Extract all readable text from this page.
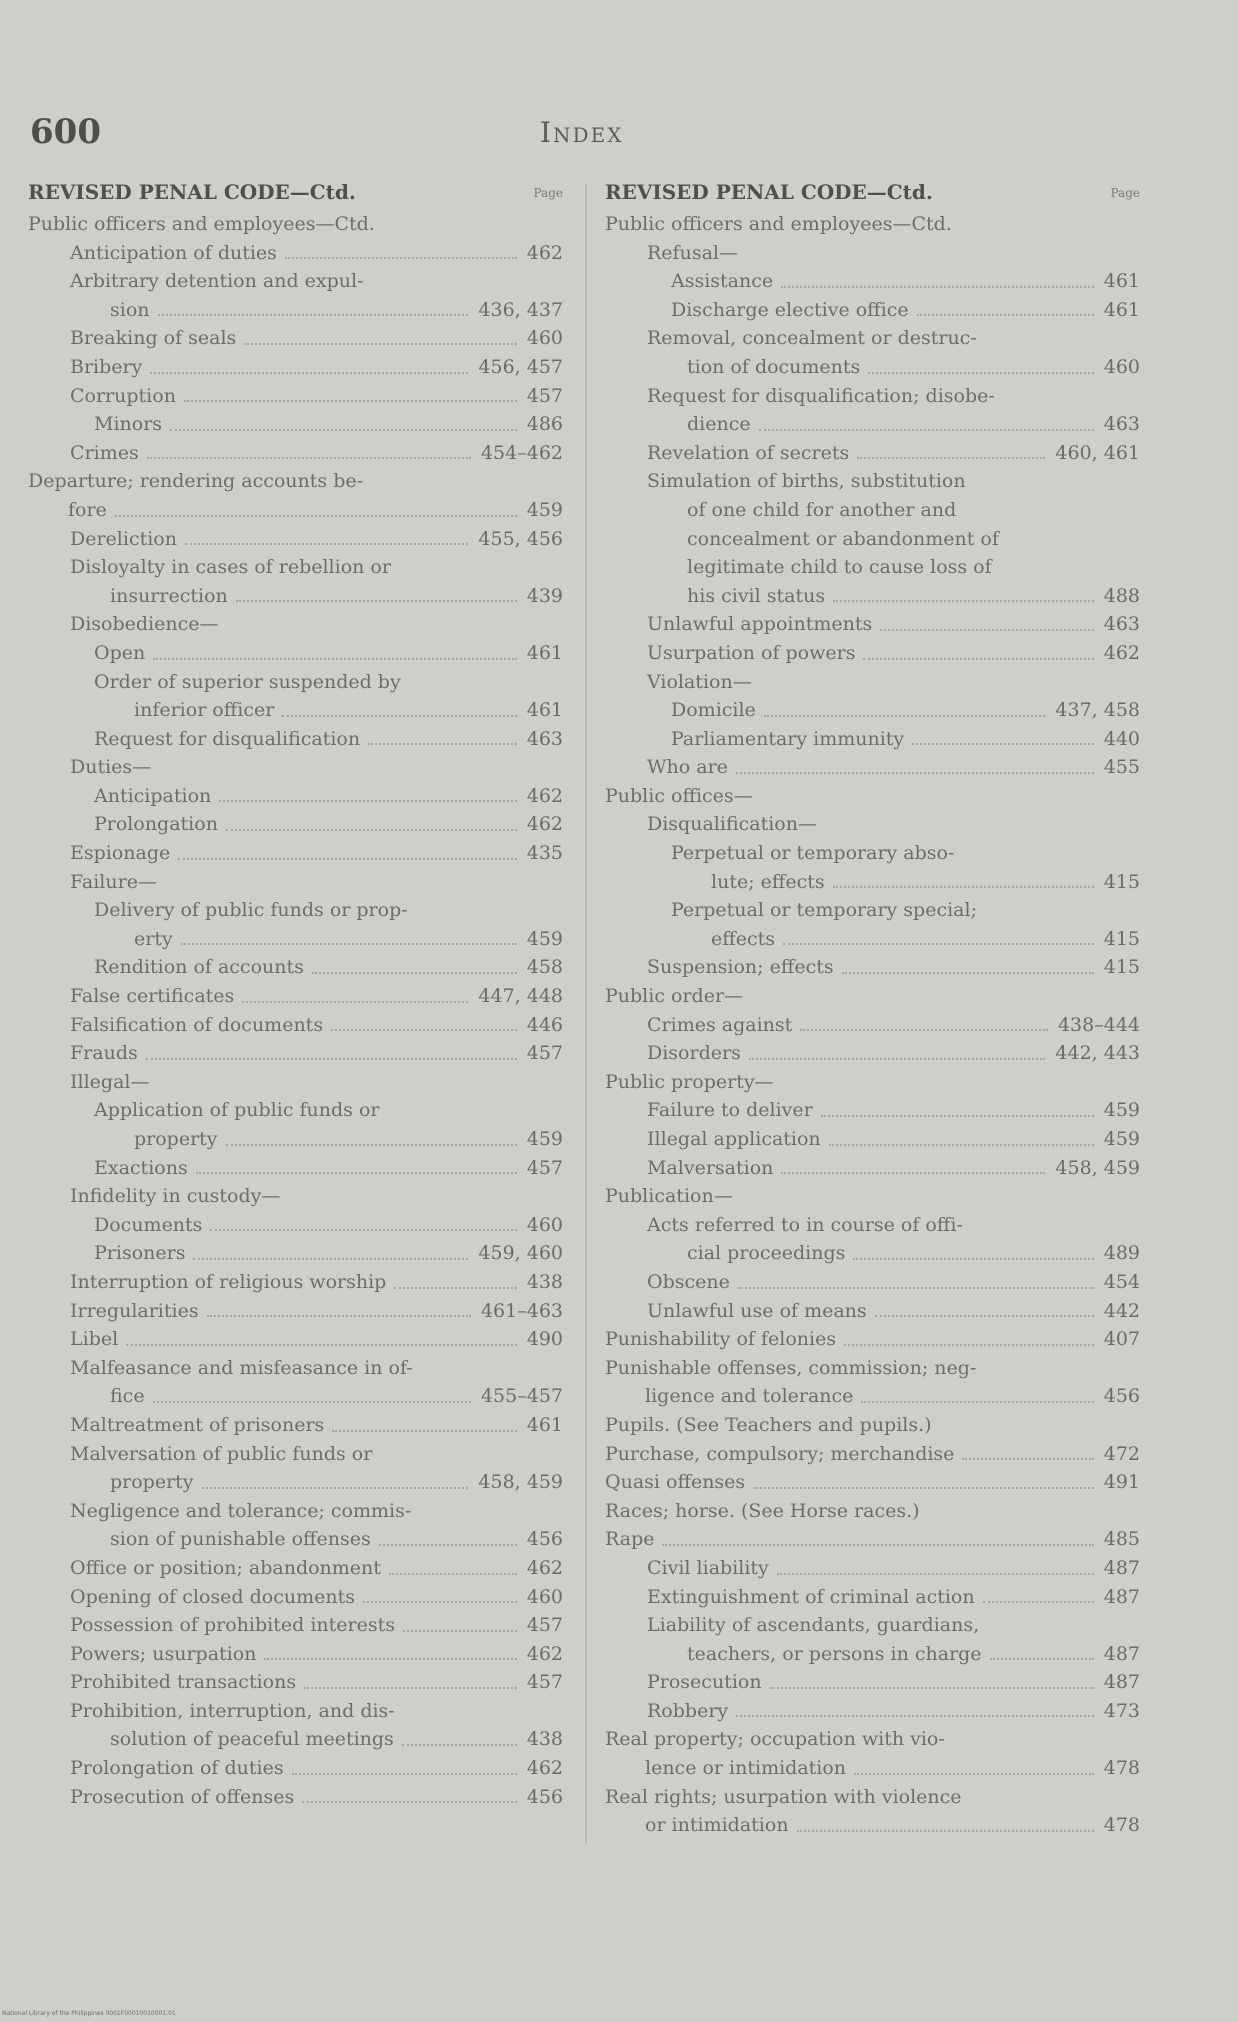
600	Index
REVISED PENAL CODE—Ctd.	Page
Public officers and employees—Ctd.
Anticipation of duties	462
Arbitrary detention and expul-
sion	436, 437
Breaking of seals	460
Bribery	456, 457
Corruption	457
Minors	486
Crimes	454–462
Departure; rendering accounts be-
fore	459
Dereliction	455, 456
Disloyalty in cases of rebellion or
insurrection	439
Disobedience—
Open	461
Order of superior suspended by
inferior officer	461
Request for disqualification	463
Duties—
Anticipation	462
Prolongation	462
Espionage	435
Failure—
Delivery of public funds or prop-
erty	459
Rendition of accounts	458
False certificates	447, 448
Falsification of documents	446
Frauds	457
Illegal—
Application of public funds or
property	459
Exactions	457
Infidelity in custody—
Documents	460
Prisoners	459, 460
Interruption of religious worship	438
Irregularities	461–463
Libel	490
Malfeasance and misfeasance in of-
fice	455–457
Maltreatment of prisoners	461
Malversation of public funds or
property	458, 459
Negligence and tolerance; commis-
sion of punishable offenses	456
Office or position; abandonment	462
Opening of closed documents	460
Possession of prohibited interests	457
Powers; usurpation	462
Prohibited transactions	457
Prohibition, interruption, and dis-
solution of peaceful meetings	438
Prolongation of duties	462
Prosecution of offenses	456
REVISED PENAL CODE—Ctd.	Page
Public officers and employees—Ctd.
Refusal—
Assistance	461
Discharge elective office	461
Removal, concealment or destruc-
tion of documents	460
Request for disqualification; disobe-
dience	463
Revelation of secrets	460, 461
Simulation of births, substitution
of one child for another and
concealment or abandonment of
legitimate child to cause loss of
his civil status	488
Unlawful appointments	463
Usurpation of powers	462
Violation—
Domicile	437, 458
Parliamentary immunity	440
Who are	455
Public offices—
Disqualification—
Perpetual or temporary abso-
lute; effects	415
Perpetual or temporary special;
effects	415
Suspension; effects	415
Public order—
Crimes against	438–444
Disorders	442, 443
Public property—
Failure to deliver	459
Illegal application	459
Malversation	458, 459
Publication—
Acts referred to in course of offi-
cial proceedings	489
Obscene	454
Unlawful use of means	442
Punishability of felonies	407
Punishable offenses, commission; neg-
ligence and tolerance	456
Pupils. (See Teachers and pupils.)
Purchase, compulsory; merchandise	472
Quasi offenses	491
Races; horse. (See Horse races.)
Rape	485
Civil liability	487
Extinguishment of criminal action	487
Liability of ascendants, guardians,
teachers, or persons in charge	487
Prosecution	487
Robbery	473
Real property; occupation with vio-
lence or intimidation	478
Real rights; usurpation with violence
or intimidation	478
National Library of the Philippines 0001F00010010001.01
